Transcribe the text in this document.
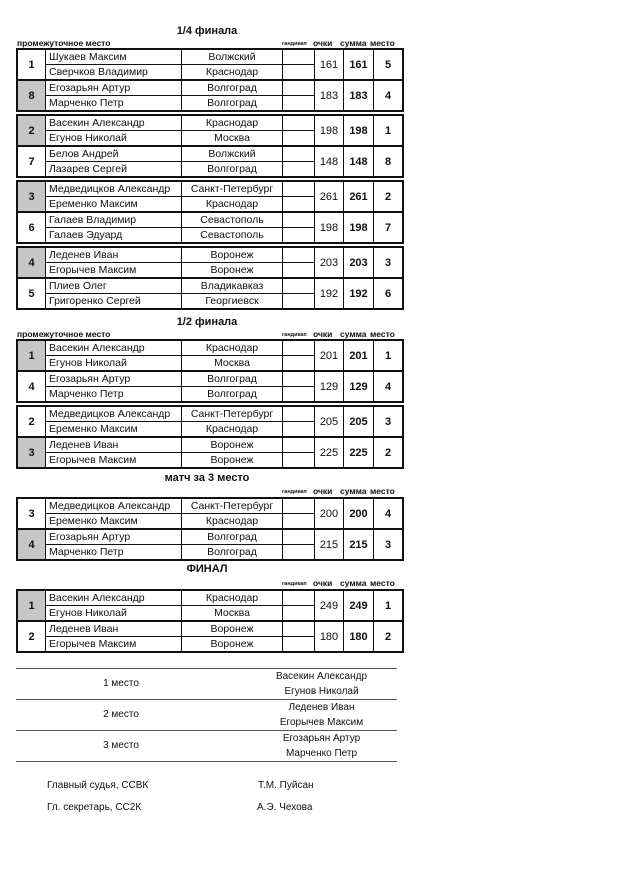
1/4 финала
промежуточное место	гандикап очки сумма место
1	Шукаев Максим	Волжский		161	161	5
	Сверчков Владимир	Краснодар				
8	Егозарьян Артур	Волгоград		183	183	4
	Марченко Петр	Волгоград				
2	Васекин Александр	Краснодар		198	198	1
	Егунов Николай	Москва				
7	Белов Андрей	Волжский		148	148	8
	Лазарев Сергей	Волгоград				
3	Медведицков Александр	Санкт-Петербург		261	261	2
	Еременко Максим	Краснодар				
6	Галаев Владимир	Севастополь		198	198	7
	Галаев Эдуард	Севастополь				
4	Леденев Иван	Воронеж		203	203	3
	Егорычев Максим	Воронеж				
5	Плиев Олег	Владикавказ		192	192	6
	Григоренко Сергей	Георгиевск				
1/2 финала
промежуточное место	гандикап очки сумма место
1	Васекин Александр	Краснодар		201	201	1
	Егунов Николай	Москва				
4	Егозарьян Артур	Волгоград		129	129	4
	Марченко Петр	Волгоград				
2	Медведицков Александр	Санкт-Петербург		205	205	3
	Еременко Максим	Краснодар				
3	Леденев Иван	Воронеж		225	225	2
	Егорычев Максим	Воронеж				
матч за 3 место
гандикап очки сумма место
3	Медведицков Александр	Санкт-Петербург		200	200	4
	Еременко Максим	Краснодар				
4	Егозарьян Артур	Волгоград		215	215	3
	Марченко Петр	Волгоград				
ФИНАЛ
гандикап очки сумма место
1	Васекин Александр	Краснодар		249	249	1
	Егунов Николай	Москва				
2	Леденев Иван	Воронеж		180	180	2
	Егорычев Максим	Воронеж				
1 место
Васекин Александр
Егунов Николай
2 место
Леденев Иван
Егорычев Максим
3 место
Егозарьян Артур
Марченко Петр
Главный судья, ССВК	Т.М. Пуйсан
Гл. секретарь, СС2К	А.Э. Чехова
